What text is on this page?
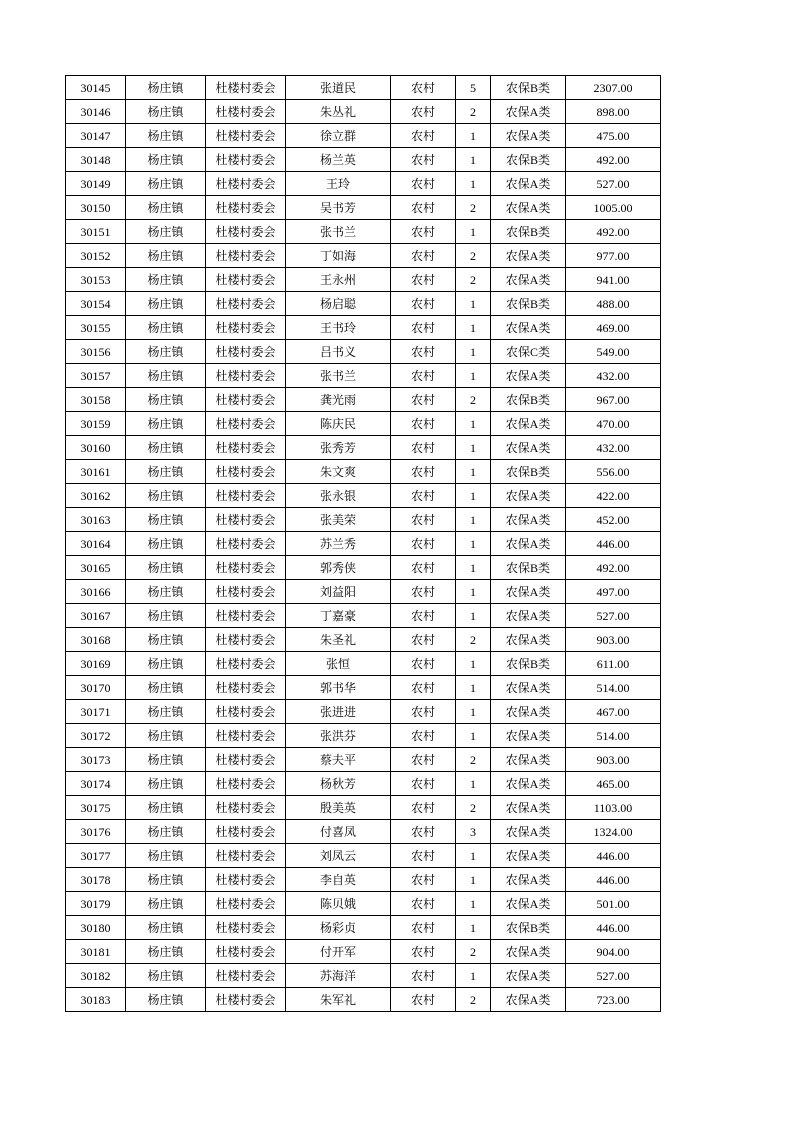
30145	杨庄镇	杜楼村委会	张道民	农村	5	农保B类	2307.00
30146	杨庄镇	杜楼村委会	朱丛礼	农村	2	农保A类	898.00
30147	杨庄镇	杜楼村委会	徐立群	农村	1	农保A类	475.00
30148	杨庄镇	杜楼村委会	杨兰英	农村	1	农保B类	492.00
30149	杨庄镇	杜楼村委会	王玲	农村	1	农保A类	527.00
30150	杨庄镇	杜楼村委会	吴书芳	农村	2	农保A类	1005.00
30151	杨庄镇	杜楼村委会	张书兰	农村	1	农保B类	492.00
30152	杨庄镇	杜楼村委会	丁如海	农村	2	农保A类	977.00
30153	杨庄镇	杜楼村委会	王永州	农村	2	农保A类	941.00
30154	杨庄镇	杜楼村委会	杨启聪	农村	1	农保B类	488.00
30155	杨庄镇	杜楼村委会	王书玲	农村	1	农保A类	469.00
30156	杨庄镇	杜楼村委会	吕书义	农村	1	农保C类	549.00
30157	杨庄镇	杜楼村委会	张书兰	农村	1	农保A类	432.00
30158	杨庄镇	杜楼村委会	龚光雨	农村	2	农保B类	967.00
30159	杨庄镇	杜楼村委会	陈庆民	农村	1	农保A类	470.00
30160	杨庄镇	杜楼村委会	张秀芳	农村	1	农保A类	432.00
30161	杨庄镇	杜楼村委会	朱文爽	农村	1	农保B类	556.00
30162	杨庄镇	杜楼村委会	张永银	农村	1	农保A类	422.00
30163	杨庄镇	杜楼村委会	张美荣	农村	1	农保A类	452.00
30164	杨庄镇	杜楼村委会	苏兰秀	农村	1	农保A类	446.00
30165	杨庄镇	杜楼村委会	郭秀侠	农村	1	农保B类	492.00
30166	杨庄镇	杜楼村委会	刘益阳	农村	1	农保A类	497.00
30167	杨庄镇	杜楼村委会	丁嘉豪	农村	1	农保A类	527.00
30168	杨庄镇	杜楼村委会	朱圣礼	农村	2	农保A类	903.00
30169	杨庄镇	杜楼村委会	张恒	农村	1	农保B类	611.00
30170	杨庄镇	杜楼村委会	郭书华	农村	1	农保A类	514.00
30171	杨庄镇	杜楼村委会	张进进	农村	1	农保A类	467.00
30172	杨庄镇	杜楼村委会	张洪芬	农村	1	农保A类	514.00
30173	杨庄镇	杜楼村委会	蔡夫平	农村	2	农保A类	903.00
30174	杨庄镇	杜楼村委会	杨秋芳	农村	1	农保A类	465.00
30175	杨庄镇	杜楼村委会	殷美英	农村	2	农保A类	1103.00
30176	杨庄镇	杜楼村委会	付喜凤	农村	3	农保A类	1324.00
30177	杨庄镇	杜楼村委会	刘凤云	农村	1	农保A类	446.00
30178	杨庄镇	杜楼村委会	李自英	农村	1	农保A类	446.00
30179	杨庄镇	杜楼村委会	陈贝娥	农村	1	农保A类	501.00
30180	杨庄镇	杜楼村委会	杨彩贞	农村	1	农保B类	446.00
30181	杨庄镇	杜楼村委会	付开军	农村	2	农保A类	904.00
30182	杨庄镇	杜楼村委会	苏海洋	农村	1	农保A类	527.00
30183	杨庄镇	杜楼村委会	朱军礼	农村	2	农保A类	723.00
